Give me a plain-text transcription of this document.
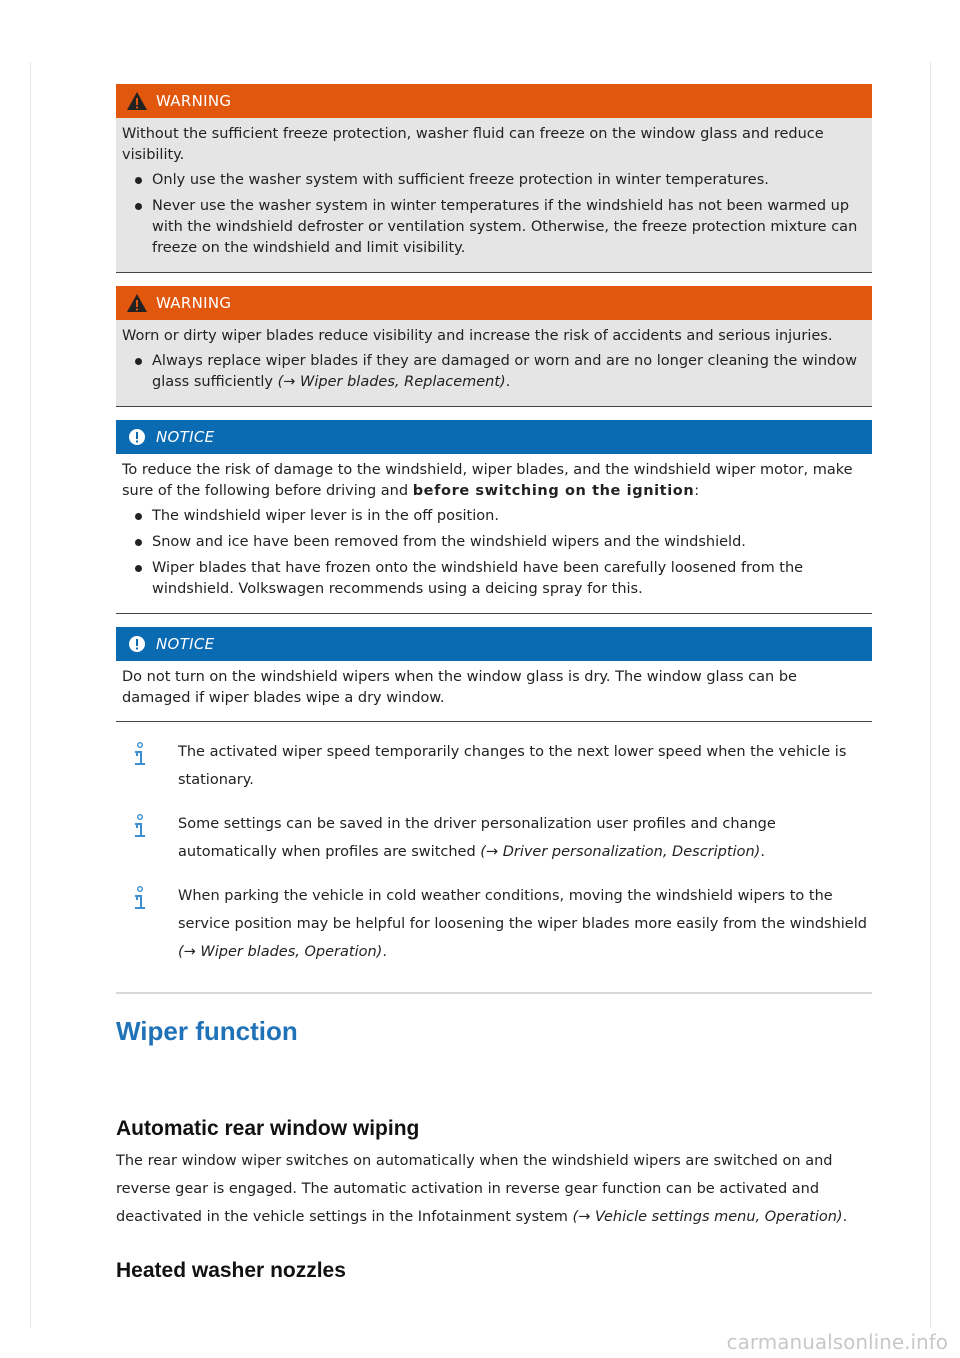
WARNING

Without the sufficient freeze protection, washer fluid can freeze on the window glass and reduce visibility.

Only use the washer system with sufficient freeze protection in winter temperatures.
Never use the washer system in winter temperatures if the windshield has not been warmed up with the windshield defroster or ventilation system. Otherwise, the freeze protection mixture can freeze on the windshield and limit visibility.
WARNING

Worn or dirty wiper blades reduce visibility and increase the risk of accidents and serious injuries.

Always replace wiper blades if they are damaged or worn and are no longer cleaning the window glass sufficiently (→ Wiper blades, Replacement).
NOTICE

To reduce the risk of damage to the windshield, wiper blades, and the windshield wiper motor, make sure of the following before driving and before switching on the ignition:

The windshield wiper lever is in the off position.
Snow and ice have been removed from the windshield wipers and the windshield.
Wiper blades that have frozen onto the windshield have been carefully loosened from the windshield. Volkswagen recommends using a deicing spray for this.
NOTICE

Do not turn on the windshield wipers when the window glass is dry. The window glass can be damaged if wiper blades wipe a dry window.

The activated wiper speed temporarily changes to the next lower speed when the vehicle is stationary.
Some settings can be saved in the driver personalization user profiles and change automatically when profiles are switched (→ Driver personalization, Description).
When parking the vehicle in cold weather conditions, moving the windshield wipers to the service position may be helpful for loosening the wiper blades more easily from the windshield (→ Wiper blades, Operation).
Wiper function
Automatic rear window wiping

The rear window wiper switches on automatically when the windshield wipers are switched on and reverse gear is engaged. The automatic activation in reverse gear function can be activated and deactivated in the vehicle settings in the Infotainment system (→ Vehicle settings menu, Operation).

Heated washer nozzles
carmanualsonline.info
